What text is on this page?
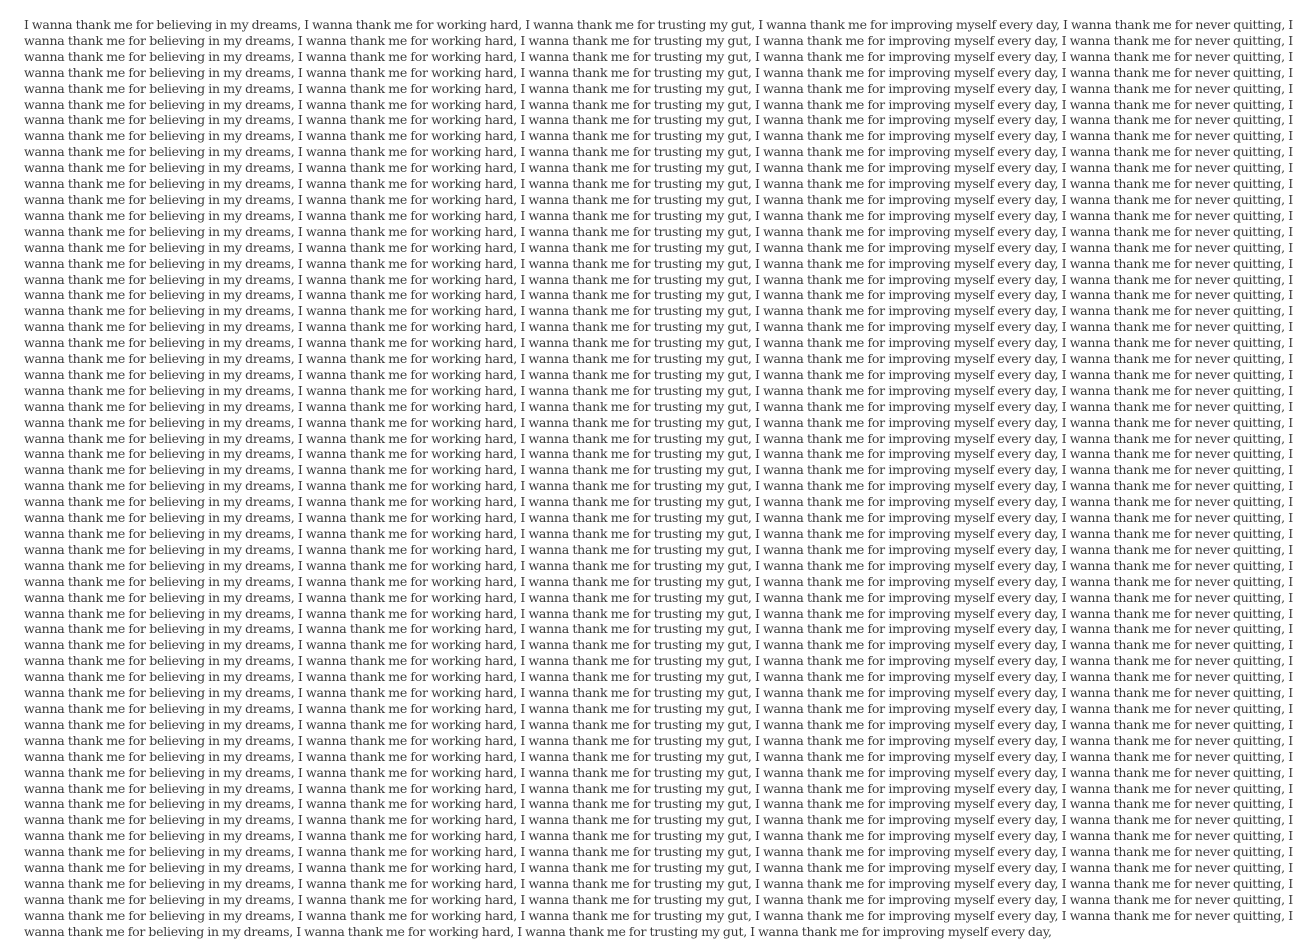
I wanna thank me for believing in my dreams, I wanna thank me for working hard, I wanna thank me for trusting my gut, I wanna thank me for improving myself every day, I wanna thank me for never quitting, I wanna thank me for believing in my dreams, I wanna thank me for working hard, I wanna thank me for trusting my gut, I wanna thank me for improving myself every day, I wanna thank me for never quitting, I wanna thank me for believing in my dreams, I wanna thank me for working hard, I wanna thank me for trusting my gut, I wanna thank me for improving myself every day, I wanna thank me for never quitting, I wanna thank me for believing in my dreams, I wanna thank me for working hard, I wanna thank me for trusting my gut, I wanna thank me for improving myself every day, I wanna thank me for never quitting, I wanna thank me for believing in my dreams, I wanna thank me for working hard, I wanna thank me for trusting my gut, I wanna thank me for improving myself every day, I wanna thank me for never quitting, I wanna thank me for believing in my dreams, I wanna thank me for working hard, I wanna thank me for trusting my gut, I wanna thank me for improving myself every day, I wanna thank me for never quitting, I wanna thank me for believing in my dreams, I wanna thank me for working hard, I wanna thank me for trusting my gut, I wanna thank me for improving myself every day, I wanna thank me for never quitting, I wanna thank me for believing in my dreams, I wanna thank me for working hard, I wanna thank me for trusting my gut, I wanna thank me for improving myself every day, I wanna thank me for never quitting, I wanna thank me for believing in my dreams, I wanna thank me for working hard, I wanna thank me for trusting my gut, I wanna thank me for improving myself every day, I wanna thank me for never quitting, I wanna thank me for believing in my dreams, I wanna thank me for working hard, I wanna thank me for trusting my gut, I wanna thank me for improving myself every day, I wanna thank me for never quitting, I wanna thank me for believing in my dreams, I wanna thank me for working hard, I wanna thank me for trusting my gut, I wanna thank me for improving myself every day, I wanna thank me for never quitting, I wanna thank me for believing in my dreams, I wanna thank me for working hard, I wanna thank me for trusting my gut, I wanna thank me for improving myself every day, I wanna thank me for never quitting, I wanna thank me for believing in my dreams, I wanna thank me for working hard, I wanna thank me for trusting my gut, I wanna thank me for improving myself every day, I wanna thank me for never quitting, I wanna thank me for believing in my dreams, I wanna thank me for working hard, I wanna thank me for trusting my gut, I wanna thank me for improving myself every day, I wanna thank me for never quitting, I wanna thank me for believing in my dreams, I wanna thank me for working hard, I wanna thank me for trusting my gut, I wanna thank me for improving myself every day, I wanna thank me for never quitting, I wanna thank me for believing in my dreams, I wanna thank me for working hard, I wanna thank me for trusting my gut, I wanna thank me for improving myself every day, I wanna thank me for never quitting, I wanna thank me for believing in my dreams, I wanna thank me for working hard, I wanna thank me for trusting my gut, I wanna thank me for improving myself every day, I wanna thank me for never quitting, I wanna thank me for believing in my dreams, I wanna thank me for working hard, I wanna thank me for trusting my gut, I wanna thank me for improving myself every day, I wanna thank me for never quitting, I wanna thank me for believing in my dreams, I wanna thank me for working hard, I wanna thank me for trusting my gut, I wanna thank me for improving myself every day, I wanna thank me for never quitting, I wanna thank me for believing in my dreams, I wanna thank me for working hard, I wanna thank me for trusting my gut, I wanna thank me for improving myself every day, I wanna thank me for never quitting, I wanna thank me for believing in my dreams, I wanna thank me for working hard, I wanna thank me for trusting my gut, I wanna thank me for improving myself every day, I wanna thank me for never quitting, I wanna thank me for believing in my dreams, I wanna thank me for working hard, I wanna thank me for trusting my gut, I wanna thank me for improving myself every day, I wanna thank me for never quitting, I wanna thank me for believing in my dreams, I wanna thank me for working hard, I wanna thank me for trusting my gut, I wanna thank me for improving myself every day, I wanna thank me for never quitting, I wanna thank me for believing in my dreams, I wanna thank me for working hard, I wanna thank me for trusting my gut, I wanna thank me for improving myself every day, I wanna thank me for never quitting, I wanna thank me for believing in my dreams, I wanna thank me for working hard, I wanna thank me for trusting my gut, I wanna thank me for improving myself every day, I wanna thank me for never quitting, I wanna thank me for believing in my dreams, I wanna thank me for working hard, I wanna thank me for trusting my gut, I wanna thank me for improving myself every day, I wanna thank me for never quitting, I wanna thank me for believing in my dreams, I wanna thank me for working hard, I wanna thank me for trusting my gut, I wanna thank me for improving myself every day, I wanna thank me for never quitting, I wanna thank me for believing in my dreams, I wanna thank me for working hard, I wanna thank me for trusting my gut, I wanna thank me for improving myself every day, I wanna thank me for never quitting, I wanna thank me for believing in my dreams, I wanna thank me for working hard, I wanna thank me for trusting my gut, I wanna thank me for improving myself every day, I wanna thank me for never quitting, I wanna thank me for believing in my dreams, I wanna thank me for working hard, I wanna thank me for trusting my gut, I wanna thank me for improving myself every day, I wanna thank me for never quitting, I wanna thank me for believing in my dreams, I wanna thank me for working hard, I wanna thank me for trusting my gut, I wanna thank me for improving myself every day, I wanna thank me for never quitting, I wanna thank me for believing in my dreams, I wanna thank me for working hard, I wanna thank me for trusting my gut, I wanna thank me for improving myself every day, I wanna thank me for never quitting, I wanna thank me for believing in my dreams, I wanna thank me for working hard, I wanna thank me for trusting my gut, I wanna thank me for improving myself every day, I wanna thank me for never quitting, I wanna thank me for believing in my dreams, I wanna thank me for working hard, I wanna thank me for trusting my gut, I wanna thank me for improving myself every day, I wanna thank me for never quitting, I wanna thank me for believing in my dreams, I wanna thank me for working hard, I wanna thank me for trusting my gut, I wanna thank me for improving myself every day, I wanna thank me for never quitting, I wanna thank me for believing in my dreams, I wanna thank me for working hard, I wanna thank me for trusting my gut, I wanna thank me for improving myself every day, I wanna thank me for never quitting, I wanna thank me for believing in my dreams, I wanna thank me for working hard, I wanna thank me for trusting my gut, I wanna thank me for improving myself every day, I wanna thank me for never quitting, I wanna thank me for believing in my dreams, I wanna thank me for working hard, I wanna thank me for trusting my gut, I wanna thank me for improving myself every day, I wanna thank me for never quitting, I wanna thank me for believing in my dreams, I wanna thank me for working hard, I wanna thank me for trusting my gut, I wanna thank me for improving myself every day, I wanna thank me for never quitting, I wanna thank me for believing in my dreams, I wanna thank me for working hard, I wanna thank me for trusting my gut, I wanna thank me for improving myself every day, I wanna thank me for never quitting, I wanna thank me for believing in my dreams, I wanna thank me for working hard, I wanna thank me for trusting my gut, I wanna thank me for improving myself every day, I wanna thank me for never quitting, I wanna thank me for believing in my dreams, I wanna thank me for working hard, I wanna thank me for trusting my gut, I wanna thank me for improving myself every day, I wanna thank me for never quitting, I wanna thank me for believing in my dreams, I wanna thank me for working hard, I wanna thank me for trusting my gut, I wanna thank me for improving myself every day, I wanna thank me for never quitting, I wanna thank me for believing in my dreams, I wanna thank me for working hard, I wanna thank me for trusting my gut, I wanna thank me for improving myself every day, I wanna thank me for never quitting, I wanna thank me for believing in my dreams, I wanna thank me for working hard, I wanna thank me for trusting my gut, I wanna thank me for improving myself every day, I wanna thank me for never quitting, I wanna thank me for believing in my dreams, I wanna thank me for working hard, I wanna thank me for trusting my gut, I wanna thank me for improving myself every day, I wanna thank me for never quitting, I wanna thank me for believing in my dreams, I wanna thank me for working hard, I wanna thank me for trusting my gut, I wanna thank me for improving myself every day, I wanna thank me for never quitting, I wanna thank me for believing in my dreams, I wanna thank me for working hard, I wanna thank me for trusting my gut, I wanna thank me for improving myself every day, I wanna thank me for never quitting, I wanna thank me for believing in my dreams, I wanna thank me for working hard, I wanna thank me for trusting my gut, I wanna thank me for improving myself every day, I wanna thank me for never quitting, I wanna thank me for believing in my dreams, I wanna thank me for working hard, I wanna thank me for trusting my gut, I wanna thank me for improving myself every day, I wanna thank me for never quitting, I wanna thank me for believing in my dreams, I wanna thank me for working hard, I wanna thank me for trusting my gut, I wanna thank me for improving myself every day, I wanna thank me for never quitting, I wanna thank me for believing in my dreams, I wanna thank me for working hard, I wanna thank me for trusting my gut, I wanna thank me for improving myself every day, I wanna thank me for never quitting, I wanna thank me for believing in my dreams, I wanna thank me for working hard, I wanna thank me for trusting my gut, I wanna thank me for improving myself every day, I wanna thank me for never quitting, I wanna thank me for believing in my dreams, I wanna thank me for working hard, I wanna thank me for trusting my gut, I wanna thank me for improving myself every day, I wanna thank me for never quitting, I wanna thank me for believing in my dreams, I wanna thank me for working hard, I wanna thank me for trusting my gut, I wanna thank me for improving myself every day, I wanna thank me for never quitting, I wanna thank me for believing in my dreams, I wanna thank me for working hard, I wanna thank me for trusting my gut, I wanna thank me for improving myself every day, I wanna thank me for never quitting, I wanna thank me for believing in my dreams, I wanna thank me for working hard, I wanna thank me for trusting my gut, I wanna thank me for improving myself every day, I wanna thank me for never quitting, I wanna thank me for believing in my dreams, I wanna thank me for working hard, I wanna thank me for trusting my gut, I wanna thank me for improving myself every day,
